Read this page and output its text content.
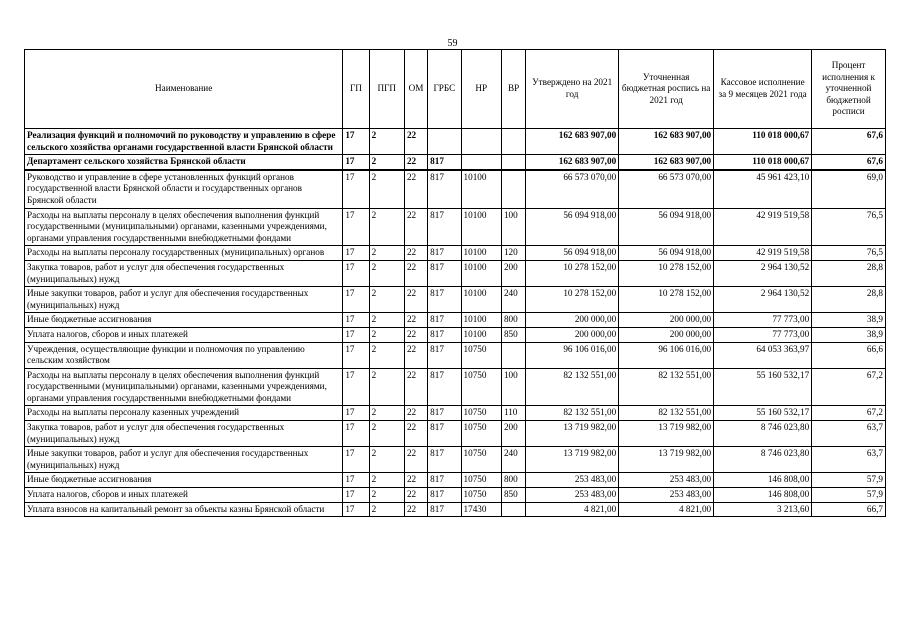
59
Наименование	ГП	ПГП	ОМ	ГРБС	НР	ВР	Утверждено на 2021 год	Уточненная бюджетная роспись на 2021 год	Кассовое исполнение за 9 месяцев 2021 года	Процент исполнения к уточненной бюджетной росписи
Реализация функций и полномочий по руководству и управлению в сфере сельского хозяйства органами государственной власти Брянской области	17	2	22				162 683 907,00	162 683 907,00	110 018 000,67	67,6
Департамент сельского хозяйства Брянской области	17	2	22	817			162 683 907,00	162 683 907,00	110 018 000,67	67,6
Руководство и управление в сфере установленных функций органов государственной власти Брянской области и государственных органов Брянской области	17	2	22	817	10100		66 573 070,00	66 573 070,00	45 961 423,10	69,0
Расходы на выплаты персоналу в целях обеспечения выполнения функций государственными (муниципальными) органами, казенными учреждениями, органами управления государственными внебюджетными фондами	17	2	22	817	10100	100	56 094 918,00	56 094 918,00	42 919 519,58	76,5
Расходы на выплаты персоналу государственных (муниципальных) органов	17	2	22	817	10100	120	56 094 918,00	56 094 918,00	42 919 519,58	76,5
Закупка товаров, работ и услуг для обеспечения государственных (муниципальных) нужд	17	2	22	817	10100	200	10 278 152,00	10 278 152,00	2 964 130,52	28,8
Иные закупки товаров, работ и услуг для обеспечения государственных (муниципальных) нужд	17	2	22	817	10100	240	10 278 152,00	10 278 152,00	2 964 130,52	28,8
Иные бюджетные ассигнования	17	2	22	817	10100	800	200 000,00	200 000,00	77 773,00	38,9
Уплата налогов, сборов и иных платежей	17	2	22	817	10100	850	200 000,00	200 000,00	77 773,00	38,9
Учреждения, осуществляющие функции и полномочия по управлению сельским хозяйством	17	2	22	817	10750		96 106 016,00	96 106 016,00	64 053 363,97	66,6
Расходы на выплаты персоналу в целях обеспечения выполнения функций государственными (муниципальными) органами, казенными учреждениями, органами управления государственными внебюджетными фондами	17	2	22	817	10750	100	82 132 551,00	82 132 551,00	55 160 532,17	67,2
Расходы на выплаты персоналу казенных учреждений	17	2	22	817	10750	110	82 132 551,00	82 132 551,00	55 160 532,17	67,2
Закупка товаров, работ и услуг для обеспечения государственных (муниципальных) нужд	17	2	22	817	10750	200	13 719 982,00	13 719 982,00	8 746 023,80	63,7
Иные закупки товаров, работ и услуг для обеспечения государственных (муниципальных) нужд	17	2	22	817	10750	240	13 719 982,00	13 719 982,00	8 746 023,80	63,7
Иные бюджетные ассигнования	17	2	22	817	10750	800	253 483,00	253 483,00	146 808,00	57,9
Уплата налогов, сборов и иных платежей	17	2	22	817	10750	850	253 483,00	253 483,00	146 808,00	57,9
Уплата взносов на капитальный ремонт за объекты казны Брянской области	17	2	22	817	17430		4 821,00	4 821,00	3 213,60	66,7
